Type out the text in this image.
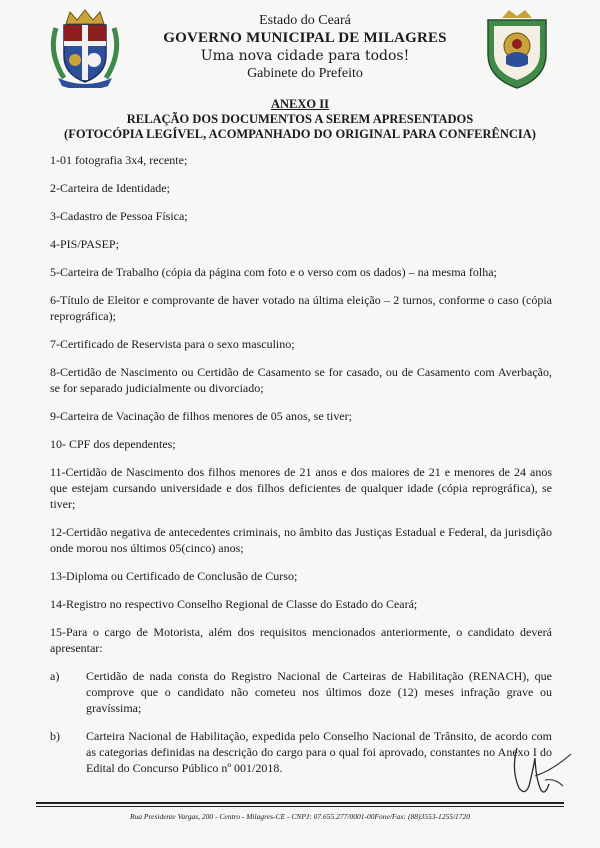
Estado do Ceará
GOVERNO MUNICIPAL DE MILAGRES
Uma nova cidade para todos!
Gabinete do Prefeito
ANEXO II
RELAÇÃO DOS DOCUMENTOS A SEREM APRESENTADOS
(FOTOCÓPIA LEGÍVEL, ACOMPANHADO DO ORIGINAL PARA CONFERÊNCIA)

1-01 fotografia 3x4, recente;

2-Carteira de Identidade;

3-Cadastro de Pessoa Física;

4-PIS/PASEP;

5-Carteira de Trabalho (cópia da página com foto e o verso com os dados) – na mesma folha;

6-Título de Eleitor e comprovante de haver votado na última eleição – 2 turnos, conforme o caso (cópia reprográfica);

7-Certificado de Reservista para o sexo masculino;

8-Certidão de Nascimento ou Certidão de Casamento se for casado, ou de Casamento com Averbação, se for separado judicialmente ou divorciado;

9-Carteira de Vacinação de filhos menores de 05 anos, se tiver;

10- CPF dos dependentes;

11-Certidão de Nascimento dos filhos menores de 21 anos e dos maiores de 21 e menores de 24 anos que estejam cursando universidade e dos filhos deficientes de qualquer idade (cópia reprográfica), se tiver;

12-Certidão negativa de antecedentes criminais, no âmbito das Justiças Estadual e Federal, da jurisdição onde morou nos últimos 05(cinco) anos;

13-Diploma ou Certificado de Conclusão de Curso;

14-Registro no respectivo Conselho Regional de Classe do Estado do Ceará;

15-Para o cargo de Motorista, além dos requisitos mencionados anteriormente, o candidato deverá apresentar:

a)	Certidão de nada consta do Registro Nacional de Carteiras de Habilitação (RENACH), que comprove que o candidato não cometeu nos últimos doze (12) meses infração grave ou gravíssima;
b)	Carteira Nacional de Habilitação, expedida pelo Conselho Nacional de Trânsito, de acordo com as categorias definidas na descrição do cargo para o qual foi aprovado, constantes no Anexo I do Edital do Concurso Público nº 001/2018.
Rua Presidente Vargas, 200 - Centro - Milagres-CE - CNPJ: 07.655.277/0001-00Fone/Fax: (88)3553-1255/1720
